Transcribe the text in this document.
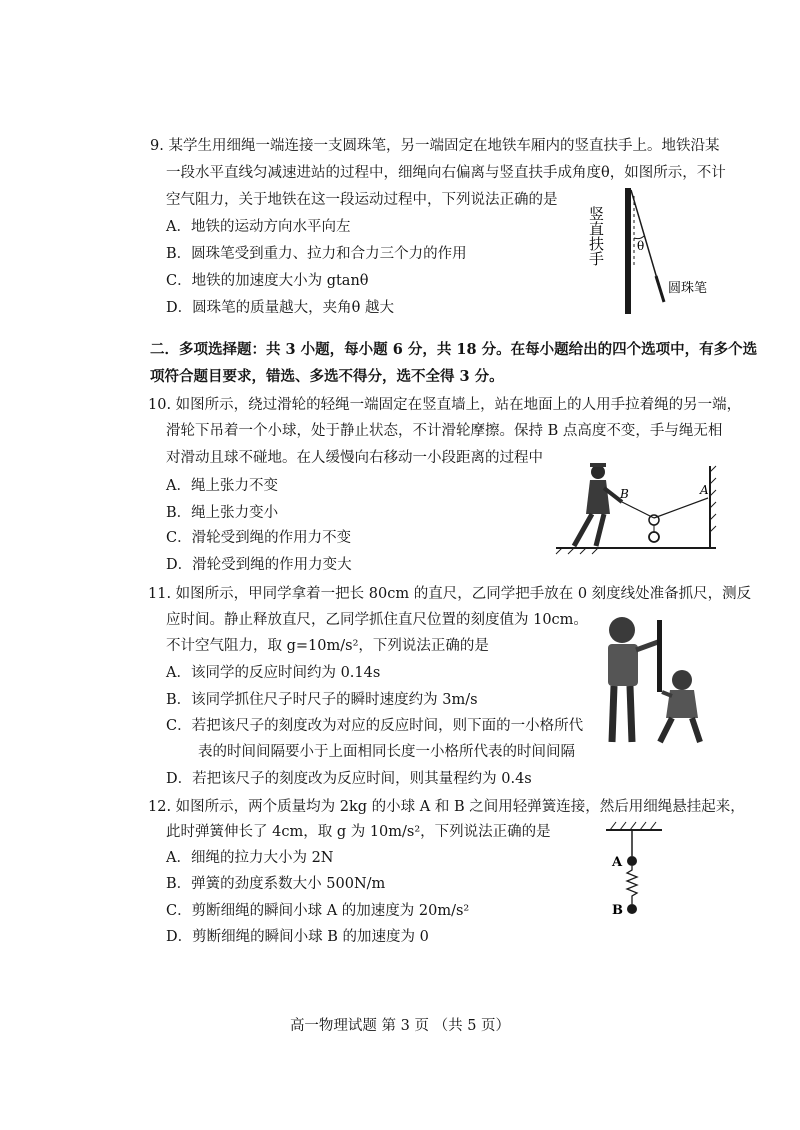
9. 某学生用细绳一端连接一支圆珠笔，另一端固定在地铁车厢内的竖直扶手上。地铁沿某
一段水平直线匀减速进站的过程中，细绳向右偏离与竖直扶手成角度θ，如图所示，不计
空气阻力，关于地铁在这一段运动过程中，下列说法正确的是
A．地铁的运动方向水平向左
B．圆珠笔受到重力、拉力和合力三个力的作用
C．地铁的加速度大小为 gtanθ
D．圆珠笔的质量越大，夹角θ 越大
θ
竖直扶手
圆珠笔
二．多项选择题：共 3 小题，每小题 6 分，共 18 分。在每小题给出的四个选项中，有多个选
项符合题目要求，错选、多选不得分，选不全得 3 分。
10. 如图所示，绕过滑轮的轻绳一端固定在竖直墙上，站在地面上的人用手拉着绳的另一端，
滑轮下吊着一个小球，处于静止状态，不计滑轮摩擦。保持 B 点高度不变，手与绳无相
对滑动且球不碰地。在人缓慢向右移动一小段距离的过程中
A．绳上张力不变
B．绳上张力变小
C．滑轮受到绳的作用力不变
D．滑轮受到绳的作用力变大
B	A
11. 如图所示，甲同学拿着一把长 80cm 的直尺，乙同学把手放在 0 刻度线处准备抓尺，测反
应时间。静止释放直尺，乙同学抓住直尺位置的刻度值为 10cm。
不计空气阻力，取 g=10m/s²，下列说法正确的是
A．该同学的反应时间约为 0.14s
B．该同学抓住尺子时尺子的瞬时速度约为 3m/s
C．若把该尺子的刻度改为对应的反应时间，则下面的一小格所代
表的时间间隔要小于上面相同长度一小格所代表的时间间隔
D．若把该尺子的刻度改为反应时间，则其量程约为 0.4s
12. 如图所示，两个质量均为 2kg 的小球 A 和 B 之间用轻弹簧连接，然后用细绳悬挂起来，
此时弹簧伸长了 4cm，取 g 为 10m/s²，下列说法正确的是
A．细绳的拉力大小为 2N
B．弹簧的劲度系数大小 500N/m
C．剪断细绳的瞬间小球 A 的加速度为 20m/s²
D．剪断细绳的瞬间小球 B 的加速度为 0
A
B
高一物理试题 第 3 页 （共 5 页）
